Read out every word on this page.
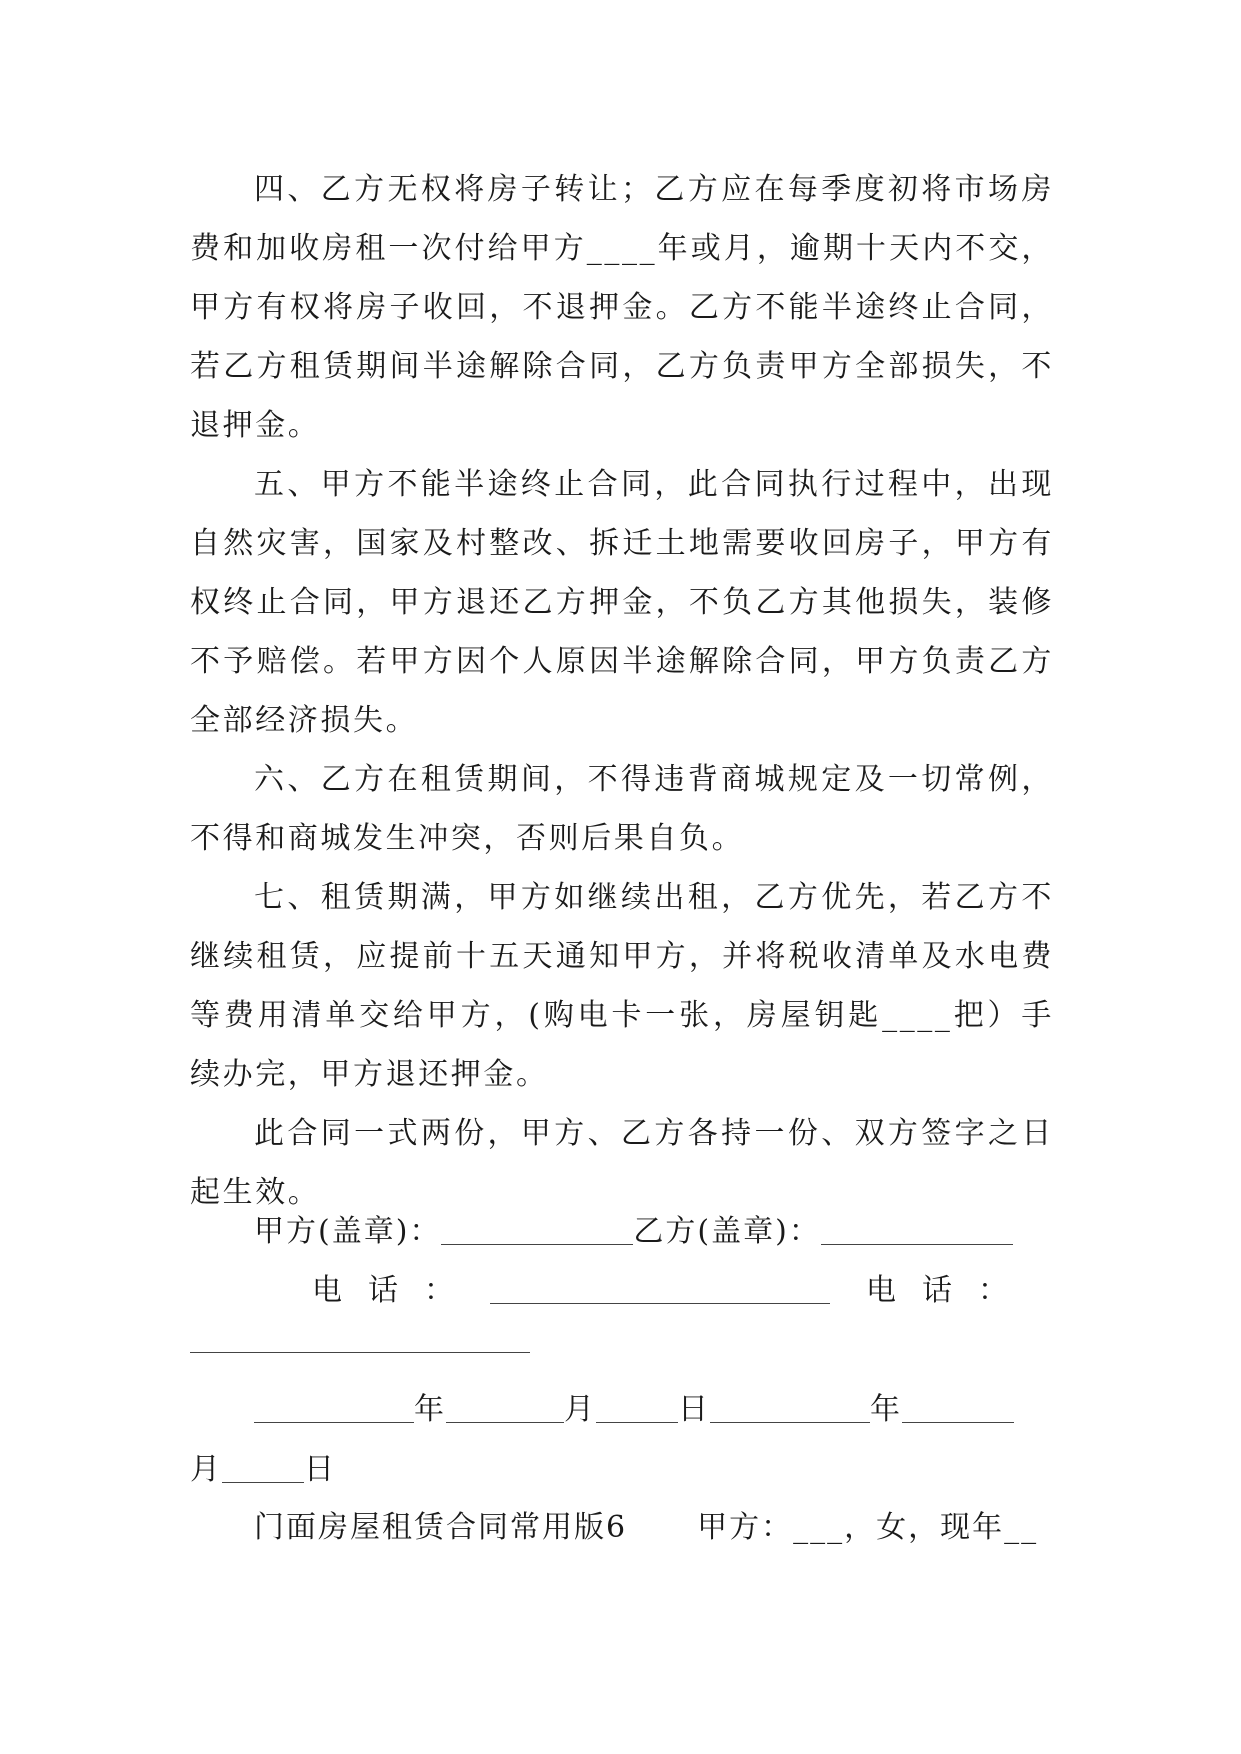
四、乙方无权将房子转让；乙方应在每季度初将市场房费和加收房租一次付给甲方____年或月，逾期十天内不交，甲方有权将房子收回，不退押金。乙方不能半途终止合同，若乙方租赁期间半途解除合同，乙方负责甲方全部损失，不退押金。

五、甲方不能半途终止合同，此合同执行过程中，出现自然灾害，国家及村整改、拆迁土地需要收回房子，甲方有权终止合同，甲方退还乙方押金，不负乙方其他损失，装修不予赔偿。若甲方因个人原因半途解除合同，甲方负责乙方全部经济损失。

六、乙方在租赁期间，不得违背商城规定及一切常例，不得和商城发生冲突，否则后果自负。

七、租赁期满，甲方如继续出租，乙方优先，若乙方不继续租赁，应提前十五天通知甲方，并将税收清单及水电费等费用清单交给甲方，(购电卡一张，房屋钥匙____把）手续办完，甲方退还押金。

此合同一式两份，甲方、乙方各持一份、双方签字之日起生效。

甲方(盖章)：	乙方(盖章)：
电话：	电话：
年	月	日	年
月	日
门面房屋租赁合同常用版6 甲方：___，女，现年__
